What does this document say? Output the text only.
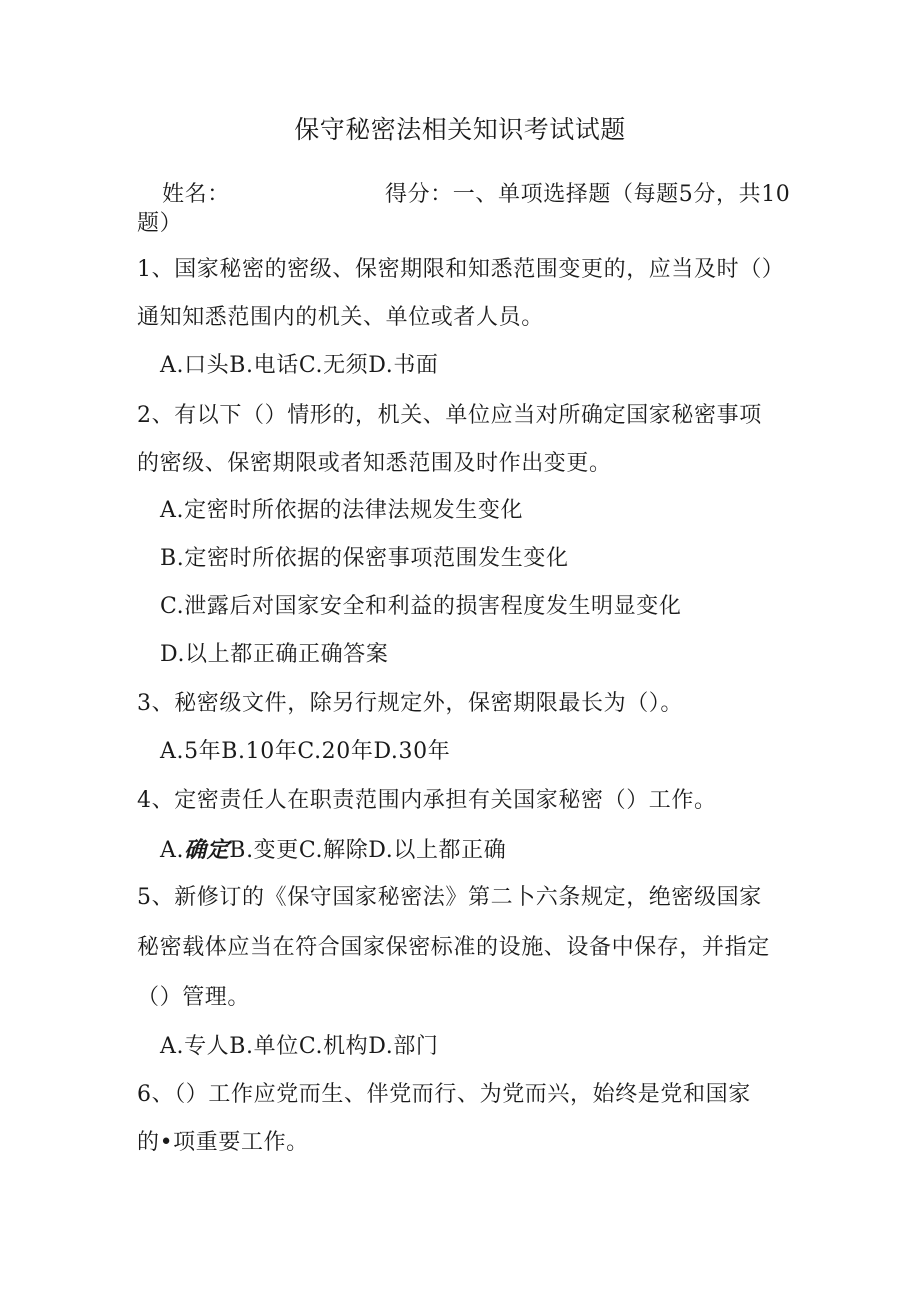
保守秘密法相关知识考试试题
姓名：	得分：一、单项选择题（每题5分，共10
题）
1、国家秘密的密级、保密期限和知悉范围变更的，应当及时（）
通知知悉范围内的机关、单位或者人员。
A.口头B.电话C.无须D.书面
2、有以下（）情形的，机关、单位应当对所确定国家秘密事项
的密级、保密期限或者知悉范围及时作出变更。
A.定密时所依据的法律法规发生变化
B.定密时所依据的保密事项范围发生变化
C.泄露后对国家安全和利益的损害程度发生明显变化
D.以上都正确正确答案
3、秘密级文件，除另行规定外，保密期限最长为（）。
A.5年B.10年C.20年D.30年
4、定密责任人在职责范围内承担有关国家秘密（）工作。
A.确定B.变更C.解除D.以上都正确
5、新修订的《保守国家秘密法》第二卜六条规定，绝密级国家
秘密载体应当在符合国家保密标准的设施、设备中保存，并指定
（）管理。
A.专人B.单位C.机构D.部门
6、（）工作应党而生、伴党而行、为党而兴，始终是党和国家
的•项重要工作。
